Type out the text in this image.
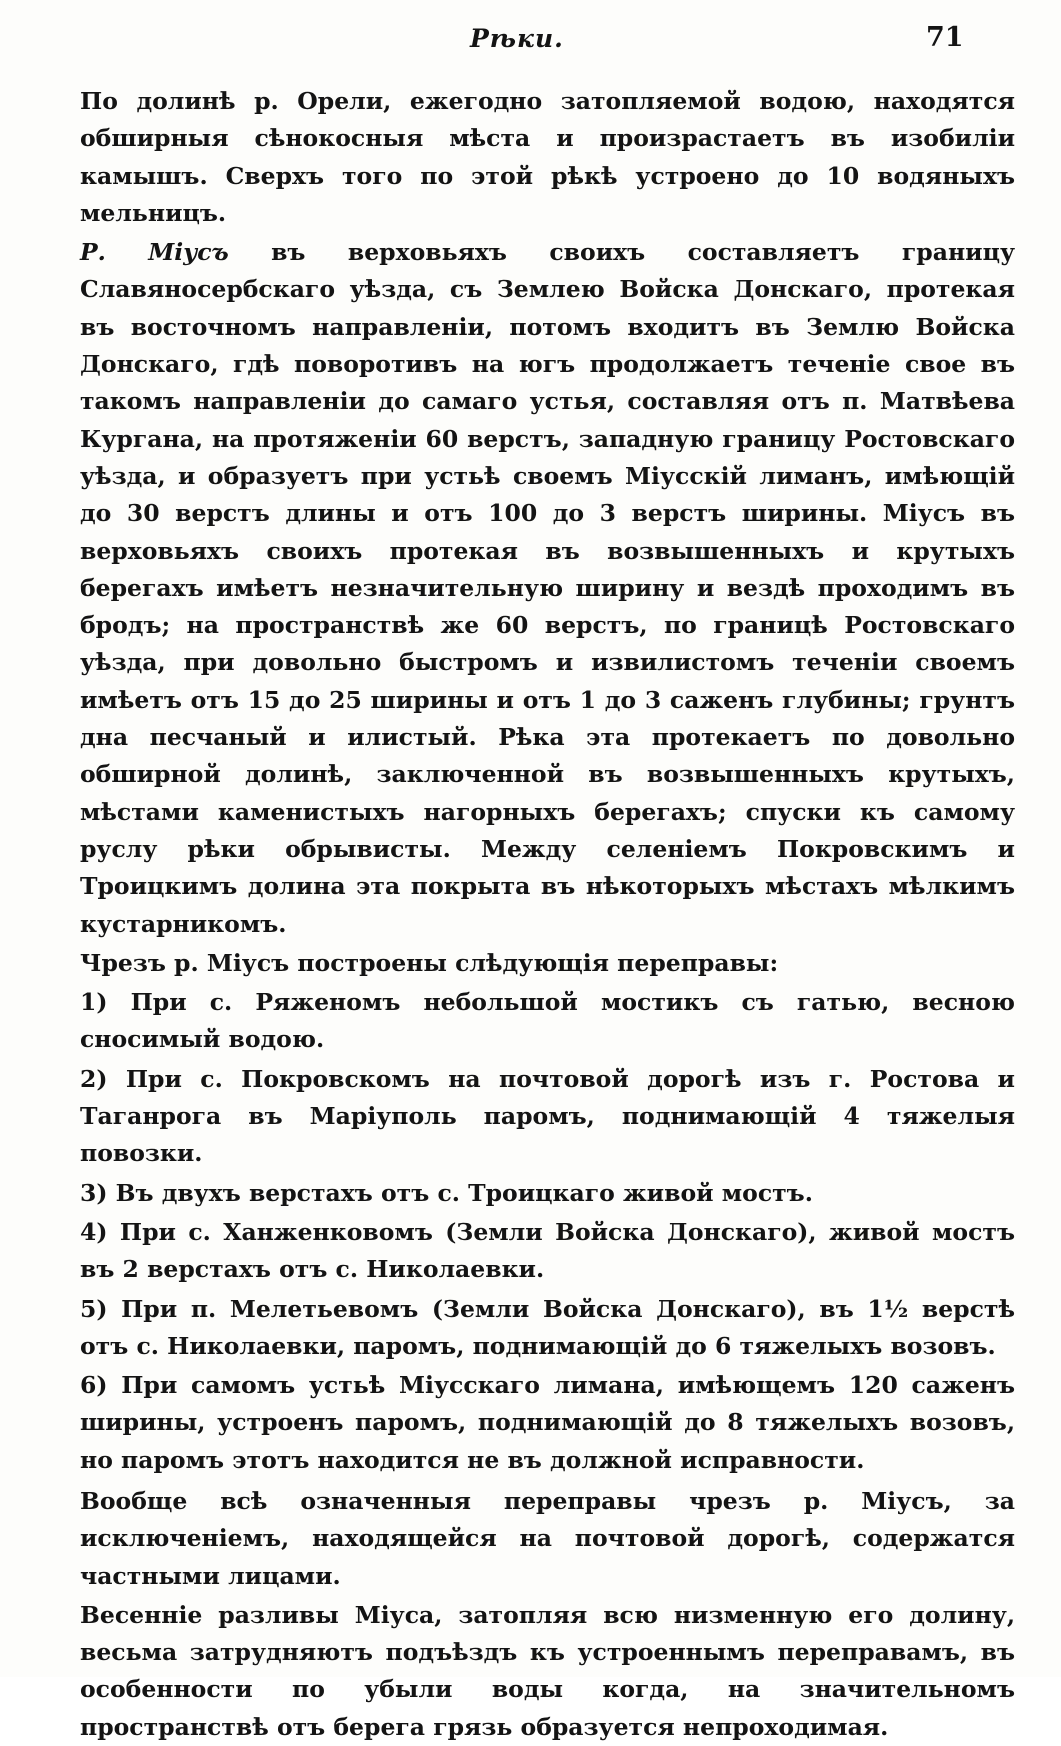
Рѣки.	71

По долинѣ р. Орели, ежегодно затопляемой водою, находятся обширныя сѣнокосныя мѣста и произрастаетъ въ изобиліи камышъ. Сверхъ того по этой рѣкѣ устроено до 10 водяныхъ мельницъ.

Р. Міусъ въ верховьяхъ своихъ составляетъ границу Славяносербскаго уѣзда, съ Землею Войска Донскаго, протекая въ восточномъ направленіи, потомъ входитъ въ Землю Войска Донскаго, гдѣ поворотивъ на югъ продолжаетъ теченіе свое въ такомъ направленіи до самаго устья, составляя отъ п. Матвѣева Кургана, на протяженіи 60 верстъ, западную границу Ростовскаго уѣзда, и образуетъ при устьѣ своемъ Міусскій лиманъ, имѣющій до 30 верстъ длины и отъ 100 до 3 верстъ ширины. Міусъ въ верховьяхъ своихъ протекая въ возвышенныхъ и крутыхъ берегахъ имѣетъ незначительную ширину и вездѣ проходимъ въ бродъ; на пространствѣ же 60 верстъ, по границѣ Ростовскаго уѣзда, при довольно быстромъ и извилистомъ теченіи своемъ имѣетъ отъ 15 до 25 ширины и отъ 1 до 3 саженъ глубины; грунтъ дна песчаный и илистый. Рѣка эта протекаетъ по довольно обширной долинѣ, заключенной въ возвышенныхъ крутыхъ, мѣстами каменистыхъ нагорныхъ берегахъ; спуски къ самому руслу рѣки обрывисты. Между селеніемъ Покровскимъ и Троицкимъ долина эта покрыта въ нѣкоторыхъ мѣстахъ мѣлкимъ кустарникомъ.

Чрезъ р. Міусъ построены слѣдующія переправы:

1) При с. Ряженомъ небольшой мостикъ съ гатью, весною сносимый водою.

2) При с. Покровскомъ на почтовой дорогѣ изъ г. Ростова и Таганрога въ Маріуполь паромъ, поднимающій 4 тяжелыя повозки.

3) Въ двухъ верстахъ отъ с. Троицкаго живой мостъ.

4) При с. Ханженковомъ (Земли Войска Донскаго), живой мостъ въ 2 верстахъ отъ с. Николаевки.

5) При п. Мелетьевомъ (Земли Войска Донскаго), въ 1½ верстѣ отъ с. Николаевки, паромъ, поднимающій до 6 тяжелыхъ возовъ.

6) При самомъ устьѣ Міусскаго лимана, имѣющемъ 120 саженъ ширины, устроенъ паромъ, поднимающій до 8 тяжелыхъ возовъ, но паромъ этотъ находится не въ должной исправности.

Вообще всѣ означенныя переправы чрезъ р. Міусъ, за исключеніемъ, находящейся на почтовой дорогѣ, содержатся частными лицами.

Весенніе разливы Міуса, затопляя всю низменную его долину, весьма затрудняютъ подъѣздъ къ устроеннымъ переправамъ, въ особенности по убыли воды когда, на значительномъ пространствѣ отъ берега грязь образуется непроходимая.
